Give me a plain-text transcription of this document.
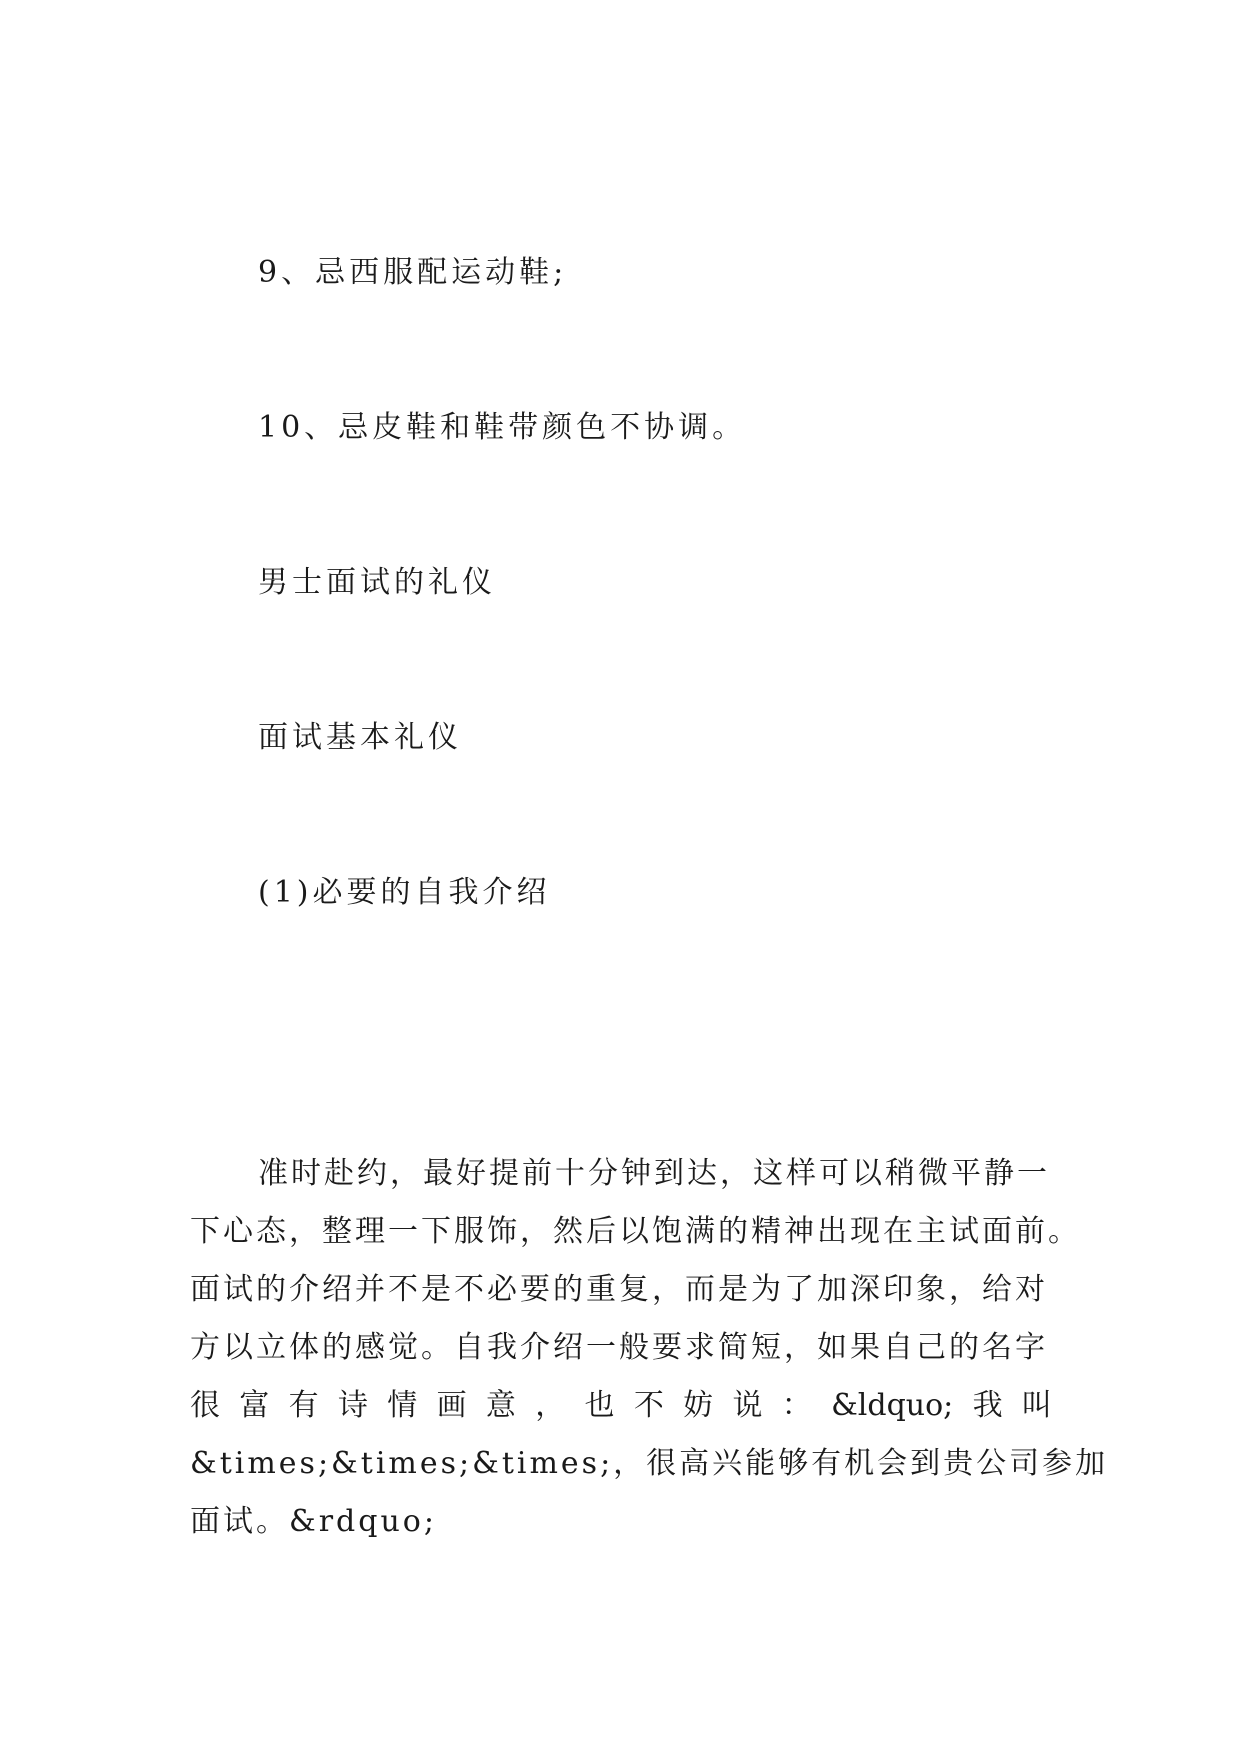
9、忌西服配运动鞋;

10、忌皮鞋和鞋带颜色不协调。

男士面试的礼仪

面试基本礼仪

(1)必要的自我介绍

准时赴约，最好提前十分钟到达，这样可以稍微平静一
下心态，整理一下服饰，然后以饱满的精神出现在主试面前。
面试的介绍并不是不必要的重复，而是为了加深印象，给对
方以立体的感觉。自我介绍一般要求简短，如果自己的名字
很 富 有 诗 情 画 意 ， 也 不 妨 说 ： &ldquo; 我 叫
&times;&times;&times;，很高兴能够有机会到贵公司参加
面试。&rdquo;
